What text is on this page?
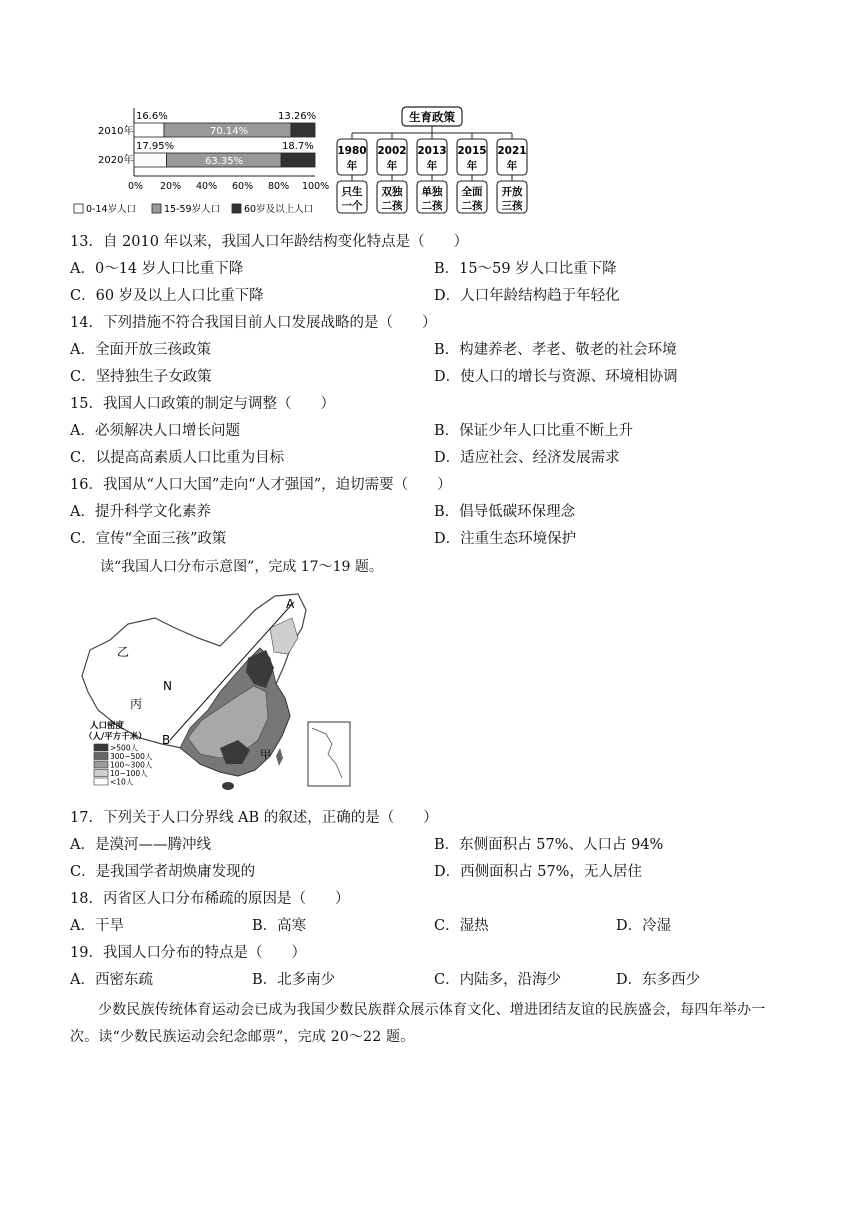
2010年
2020年
16.6%
70.14%
13.26%
17.95%
63.35%
18.7%
0% 20% 40% 60% 80% 100%
0-14岁人口	15-59岁人口	60岁及以上人口
生育政策
1980
年
只生
一个
2002
年
双独
二孩
2013
年
单独
二孩
2015
年
全面
二孩
2021
年
开放
三孩
13．自 2010 年以来，我国人口年龄结构变化特点是（　　）
A．0～14 岁人口比重下降	B．15～59 岁人口比重下降
C．60 岁及以上人口比重下降	D．人口年龄结构趋于年轻化
14．下列措施不符合我国目前人口发展战略的是（　　）
A．全面开放三孩政策	B．构建养老、孝老、敬老的社会环境
C．坚持独生子女政策	D．使人口的增长与资源、环境相协调
15．我国人口政策的制定与调整（　　）
A．必须解决人口增长问题	B．保证少年人口比重不断上升
C．以提高高素质人口比重为目标	D．适应社会、经济发展需求
16．我国从“人口大国”走向“人才强国”，迫切需要（　　）
A．提升科学文化素养	B．倡导低碳环保理念
C．宣传“全面三孩”政策	D．注重生态环境保护
读“我国人口分布示意图”，完成 17～19 题。
A
B
N
乙
丙
甲
人口密度
（人/平方千米）
>500人
300~500人
100~300人
10~100人
<10人
17．下列关于人口分界线 AB 的叙述，正确的是（　　）
A．是漠河——腾冲线	B．东侧面积占 57%、人口占 94%
C．是我国学者胡焕庸发现的	D．西侧面积占 57%，无人居住
18．丙省区人口分布稀疏的原因是（　　）
A．干旱	B．高寒	C．湿热	D．冷湿
19．我国人口分布的特点是（　　）
A．西密东疏	B．北多南少	C．内陆多，沿海少	D．东多西少
少数民族传统体育运动会已成为我国少数民族群众展示体育文化、增进团结友谊的民族盛会，每四年举办一次。读“少数民族运动会纪念邮票”，完成 20～22 题。
